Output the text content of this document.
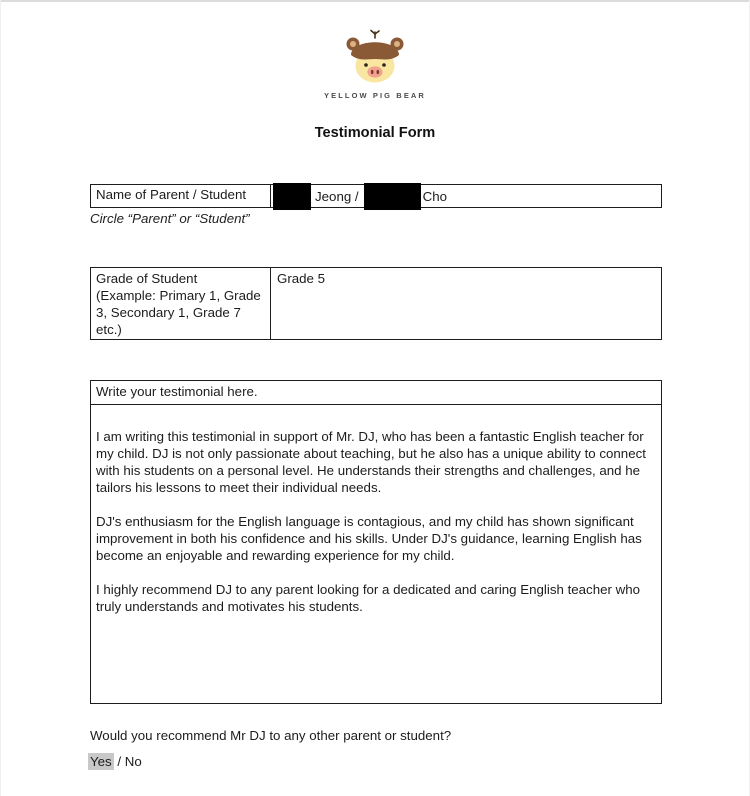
YELLOW PIG BEAR
Testimonial Form
Name of Parent / Student	Jeong /	Cho
Circle “Parent” or “Student”
Grade of Student
(Example: Primary 1, Grade 3, Secondary 1, Grade 7 etc.)
Grade 5
Write your testimonial here.
I am writing this testimonial in support of Mr. DJ, who has been a fantastic English teacher for my child. DJ is not only passionate about teaching, but he also has a unique ability to connect with his students on a personal level. He understands their strengths and challenges, and he tailors his lessons to meet their individual needs.
DJ's enthusiasm for the English language is contagious, and my child has shown significant improvement in both his confidence and his skills. Under DJ's guidance, learning English has become an enjoyable and rewarding experience for my child.
I highly recommend DJ to any parent looking for a dedicated and caring English teacher who truly understands and motivates his students.
Would you recommend Mr DJ to any other parent or student?
Yes / No
